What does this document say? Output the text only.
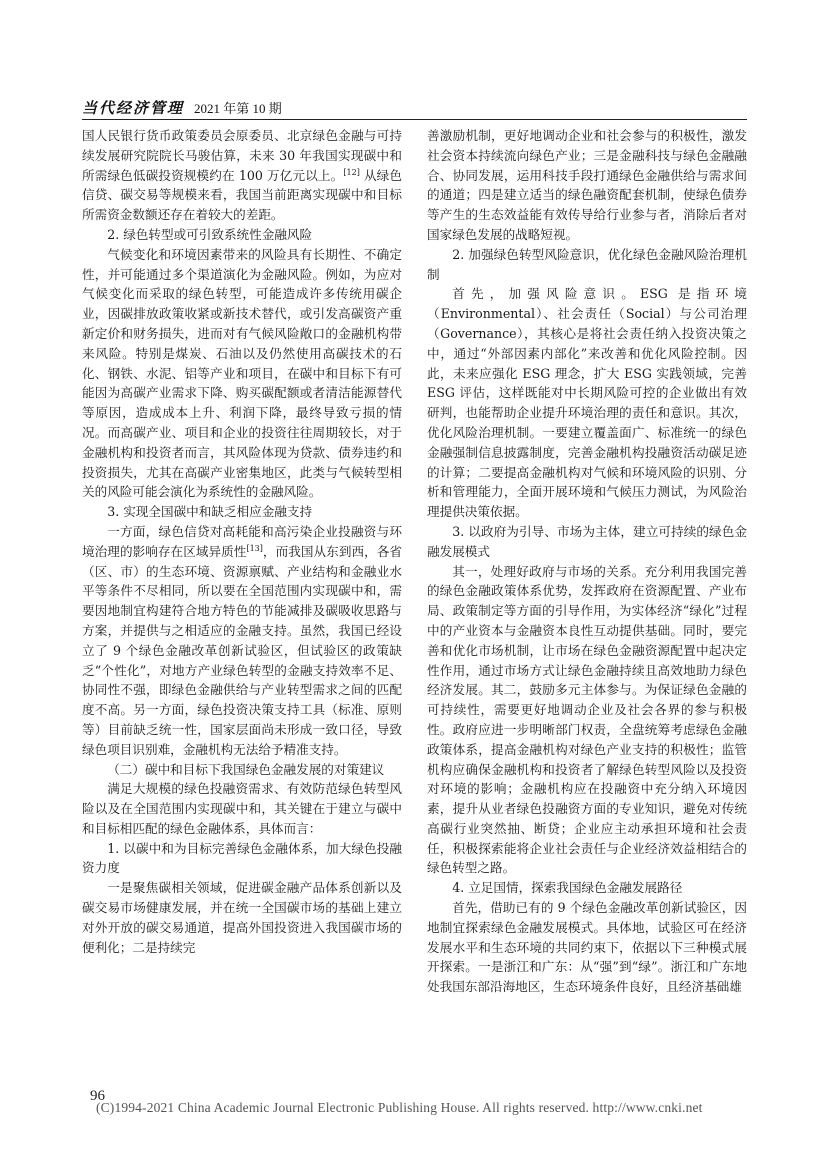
当代经济管理 2021 年第 10 期

国人民银行货币政策委员会原委员、北京绿色金融与可持续发展研究院院长马骏估算，未来 30 年我国实现碳中和所需绿色低碳投资规模约在 100 万亿元以上。[12] 从绿色信贷、碳交易等规模来看，我国当前距离实现碳中和目标所需资金数额还存在着较大的差距。

2. 绿色转型或可引致系统性金融风险

气候变化和环境因素带来的风险具有长期性、不确定性，并可能通过多个渠道演化为金融风险。例如，为应对气候变化而采取的绿色转型，可能造成许多传统用碳企业，因碳排放政策收紧或新技术替代，或引发高碳资产重新定价和财务损失，进而对有气候风险敞口的金融机构带来风险。特别是煤炭、石油以及仍然使用高碳技术的石化、钢铁、水泥、铝等产业和项目，在碳中和目标下有可能因为高碳产业需求下降、购买碳配额或者清洁能源替代等原因，造成成本上升、利润下降，最终导致亏损的情况。而高碳产业、项目和企业的投资往往周期较长，对于金融机构和投资者而言，其风险体现为贷款、债券违约和投资损失，尤其在高碳产业密集地区，此类与气候转型相关的风险可能会演化为系统性的金融风险。

3. 实现全国碳中和缺乏相应金融支持

一方面，绿色信贷对高耗能和高污染企业投融资与环境治理的影响存在区域异质性[13]，而我国从东到西，各省（区、市）的生态环境、资源禀赋、产业结构和金融业水平等条件不尽相同，所以要在全国范围内实现碳中和，需要因地制宜构建符合地方特色的节能减排及碳吸收思路与方案，并提供与之相适应的金融支持。虽然，我国已经设立了 9 个绿色金融改革创新试验区，但试验区的政策缺乏“个性化”，对地方产业绿色转型的金融支持效率不足、协同性不强，即绿色金融供给与产业转型需求之间的匹配度不高。另一方面，绿色投资决策支持工具（标准、原则等）目前缺乏统一性，国家层面尚未形成一致口径，导致绿色项目识别难，金融机构无法给予精准支持。

（二）碳中和目标下我国绿色金融发展的对策建议

满足大规模的绿色投融资需求、有效防范绿色转型风险以及在全国范围内实现碳中和，其关键在于建立与碳中和目标相匹配的绿色金融体系，具体而言：

1. 以碳中和为目标完善绿色金融体系，加大绿色投融资力度

一是聚焦碳相关领域，促进碳金融产品体系创新以及碳交易市场健康发展，并在统一全国碳市场的基础上建立对外开放的碳交易通道，提高外国投资进入我国碳市场的便利化；二是持续完

善激励机制，更好地调动企业和社会参与的积极性，激发社会资本持续流向绿色产业；三是金融科技与绿色金融融合、协同发展，运用科技手段打通绿色金融供给与需求间的通道；四是建立适当的绿色融资配套机制，使绿色债券等产生的生态效益能有效传导给行业参与者，消除后者对国家绿色发展的战略短视。

2. 加强绿色转型风险意识，优化绿色金融风险治理机制

首先，加强风险意识。ESG 是指环境（Environmental）、社会责任（Social）与公司治理（Governance），其核心是将社会责任纳入投资决策之中，通过“外部因素内部化”来改善和优化风险控制。因此，未来应强化 ESG 理念，扩大 ESG 实践领域，完善 ESG 评估，这样既能对中长期风险可控的企业做出有效研判，也能帮助企业提升环境治理的责任和意识。其次，优化风险治理机制。一要建立覆盖面广、标准统一的绿色金融强制信息披露制度，完善金融机构投融资活动碳足迹的计算；二要提高金融机构对气候和环境风险的识别、分析和管理能力，全面开展环境和气候压力测试，为风险治理提供决策依据。

3. 以政府为引导、市场为主体，建立可持续的绿色金融发展模式

其一，处理好政府与市场的关系。充分利用我国完善的绿色金融政策体系优势，发挥政府在资源配置、产业布局、政策制定等方面的引导作用，为实体经济“绿化”过程中的产业资本与金融资本良性互动提供基础。同时，要完善和优化市场机制，让市场在绿色金融资源配置中起决定性作用，通过市场方式让绿色金融持续且高效地助力绿色经济发展。其二，鼓励多元主体参与。为保证绿色金融的可持续性，需要更好地调动企业及社会各界的参与积极性。政府应进一步明晰部门权责，全盘统筹考虑绿色金融政策体系，提高金融机构对绿色产业支持的积极性；监管机构应确保金融机构和投资者了解绿色转型风险以及投资对环境的影响；金融机构应在投融资中充分纳入环境因素，提升从业者绿色投融资方面的专业知识，避免对传统高碳行业突然抽、断贷；企业应主动承担环境和社会责任，积极探索能将企业社会责任与企业经济效益相结合的绿色转型之路。

4. 立足国情，探索我国绿色金融发展路径

首先，借助已有的 9 个绿色金融改革创新试验区，因地制宜探索绿色金融发展模式。具体地，试验区可在经济发展水平和生态环境的共同约束下，依据以下三种模式展开探索。一是浙江和广东：从“强”到“绿”。浙江和广东地处我国东部沿海地区，生态环境条件良好，且经济基础雄

96
(C)1994-2021 China Academic Journal Electronic Publishing House. All rights reserved. http://www.cnki.net
